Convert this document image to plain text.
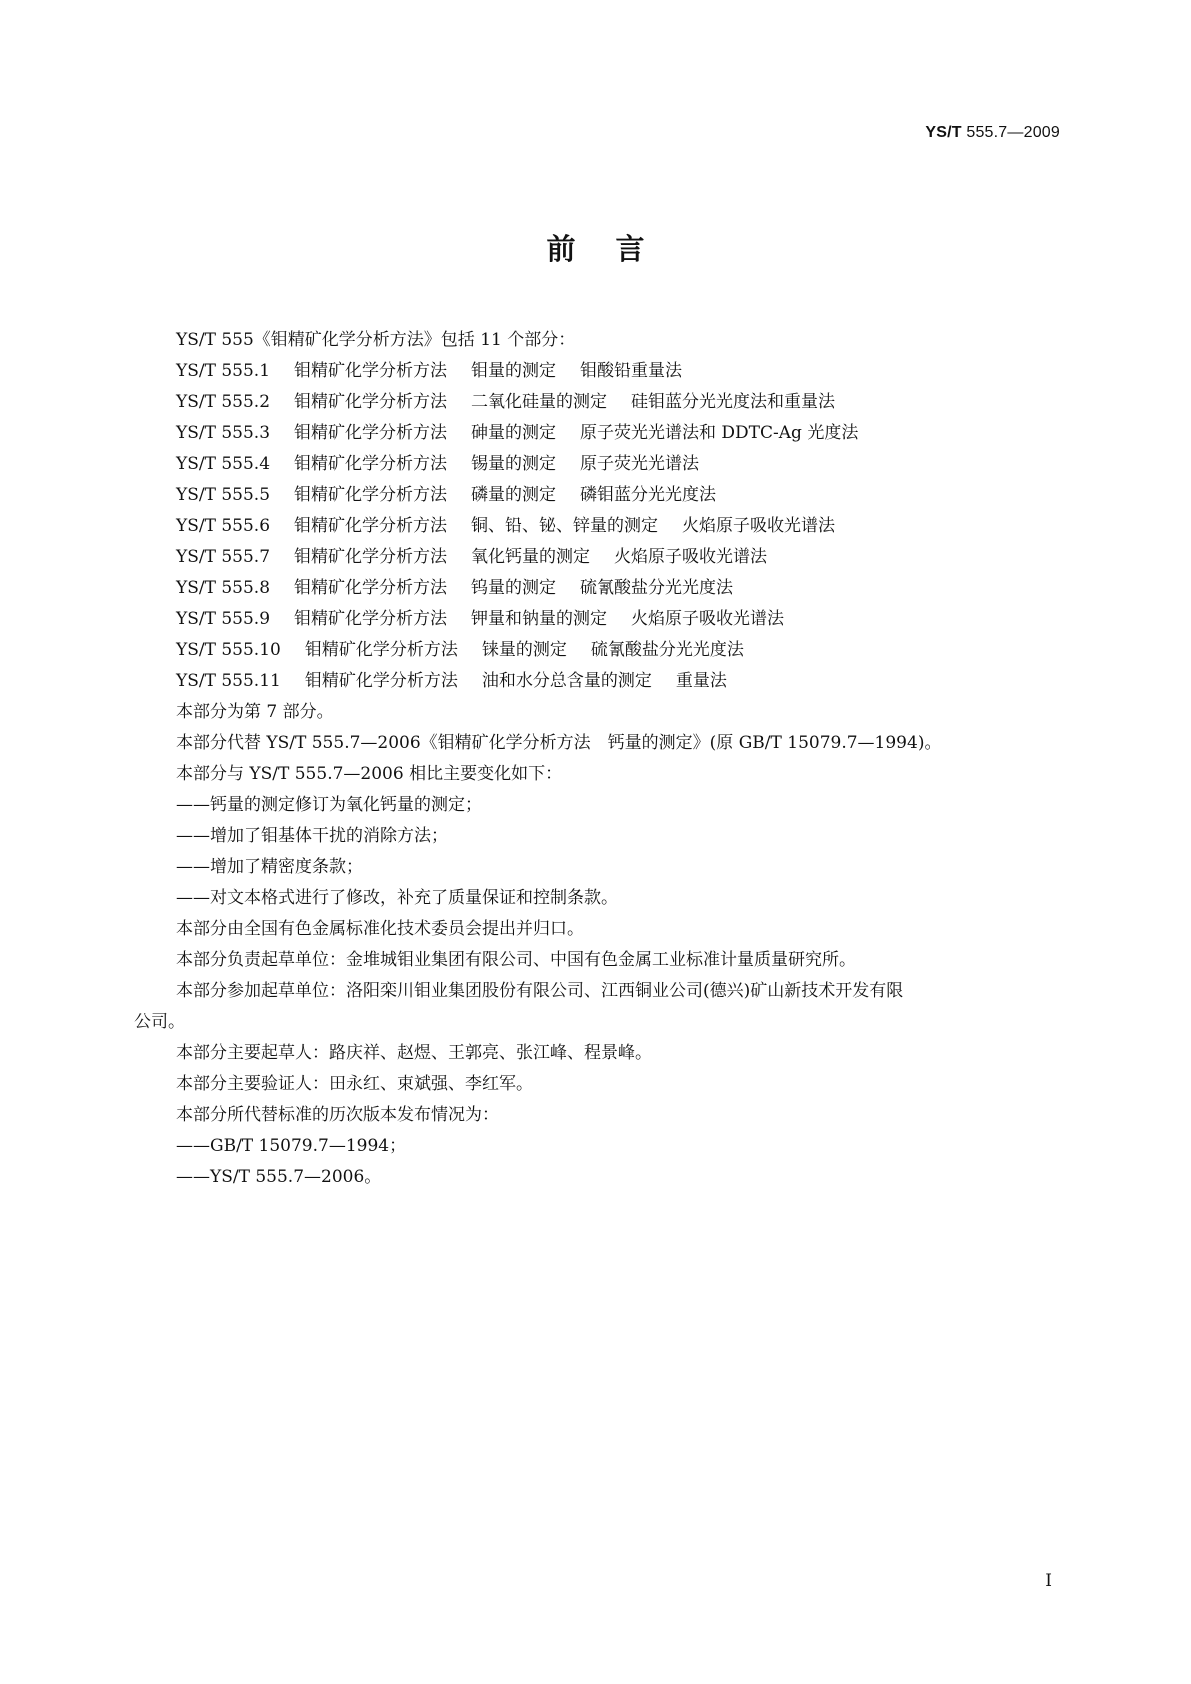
YS/T 555.7—2009
前言
YS/T 555《钼精矿化学分析方法》包括 11 个部分：
YS/T 555.1 钼精矿化学分析方法 钼量的测定 钼酸铅重量法
YS/T 555.2 钼精矿化学分析方法 二氧化硅量的测定 硅钼蓝分光光度法和重量法
YS/T 555.3 钼精矿化学分析方法 砷量的测定 原子荧光光谱法和 DDTC-Ag 光度法
YS/T 555.4 钼精矿化学分析方法 锡量的测定 原子荧光光谱法
YS/T 555.5 钼精矿化学分析方法 磷量的测定 磷钼蓝分光光度法
YS/T 555.6 钼精矿化学分析方法 铜、铅、铋、锌量的测定 火焰原子吸收光谱法
YS/T 555.7 钼精矿化学分析方法 氧化钙量的测定 火焰原子吸收光谱法
YS/T 555.8 钼精矿化学分析方法 钨量的测定 硫氰酸盐分光光度法
YS/T 555.9 钼精矿化学分析方法 钾量和钠量的测定 火焰原子吸收光谱法
YS/T 555.10 钼精矿化学分析方法 铼量的测定 硫氰酸盐分光光度法
YS/T 555.11 钼精矿化学分析方法 油和水分总含量的测定 重量法
本部分为第 7 部分。
本部分代替 YS/T 555.7—2006《钼精矿化学分析方法　钙量的测定》(原 GB/T 15079.7—1994)。
本部分与 YS/T 555.7—2006 相比主要变化如下：
——钙量的测定修订为氧化钙量的测定；
——增加了钼基体干扰的消除方法；
——增加了精密度条款；
——对文本格式进行了修改，补充了质量保证和控制条款。
本部分由全国有色金属标准化技术委员会提出并归口。
本部分负责起草单位：金堆城钼业集团有限公司、中国有色金属工业标准计量质量研究所。
本部分参加起草单位：洛阳栾川钼业集团股份有限公司、江西铜业公司(德兴)矿山新技术开发有限
公司。
本部分主要起草人：路庆祥、赵煜、王郭亮、张江峰、程景峰。
本部分主要验证人：田永红、束斌强、李红军。
本部分所代替标准的历次版本发布情况为：
——GB/T 15079.7—1994；
——YS/T 555.7—2006。
I
